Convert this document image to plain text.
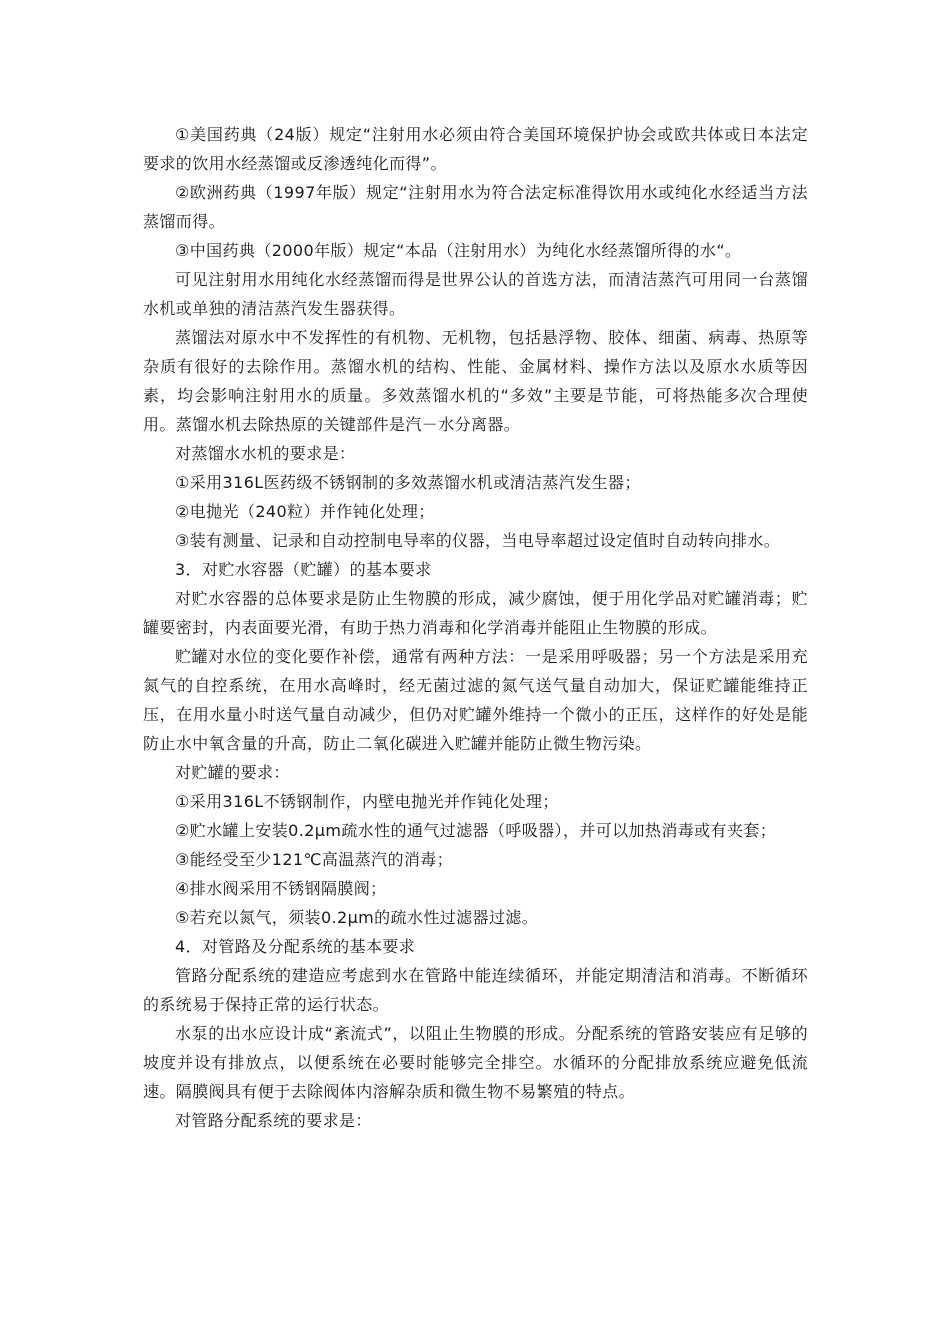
①美国药典（24版）规定“注射用水必须由符合美国环境保护协会或欧共体或日本法定要求的饮用水经蒸馏或反渗透纯化而得”。

②欧洲药典（1997年版）规定“注射用水为符合法定标准得饮用水或纯化水经适当方法蒸馏而得。

③中国药典（2000年版）规定“本品（注射用水）为纯化水经蒸馏所得的水“。

可见注射用水用纯化水经蒸馏而得是世界公认的首选方法，而清洁蒸汽可用同一台蒸馏水机或单独的清洁蒸汽发生器获得。

蒸馏法对原水中不发挥性的有机物、无机物，包括悬浮物、胶体、细菌、病毒、热原等杂质有很好的去除作用。蒸馏水机的结构、性能、金属材料、操作方法以及原水水质等因素，均会影响注射用水的质量。多效蒸馏水机的“多效”主要是节能，可将热能多次合理使用。蒸馏水机去除热原的关键部件是汽－水分离器。

对蒸馏水水机的要求是：

①采用316L医药级不锈钢制的多效蒸馏水机或清洁蒸汽发生器；

②电抛光（240粒）并作钝化处理；

③装有测量、记录和自动控制电导率的仪器，当电导率超过设定值时自动转向排水。

3．对贮水容器（贮罐）的基本要求

对贮水容器的总体要求是防止生物膜的形成，减少腐蚀，便于用化学品对贮罐消毒；贮罐要密封，内表面要光滑，有助于热力消毒和化学消毒并能阻止生物膜的形成。

贮罐对水位的变化要作补偿，通常有两种方法：一是采用呼吸器；另一个方法是采用充氮气的自控系统，在用水高峰时，经无菌过滤的氮气送气量自动加大，保证贮罐能维持正压，在用水量小时送气量自动减少，但仍对贮罐外维持一个微小的正压，这样作的好处是能防止水中氧含量的升高，防止二氧化碳进入贮罐并能防止微生物污染。

对贮罐的要求：

①采用316L不锈钢制作，内壁电抛光并作钝化处理；

②贮水罐上安装0.2μm疏水性的通气过滤器（呼吸器），并可以加热消毒或有夹套；

③能经受至少121℃高温蒸汽的消毒；

④排水阀采用不锈钢隔膜阀；

⑤若充以氮气，须装0.2μm的疏水性过滤器过滤。

4．对管路及分配系统的基本要求

管路分配系统的建造应考虑到水在管路中能连续循环，并能定期清洁和消毒。不断循环的系统易于保持正常的运行状态。

水泵的出水应设计成“紊流式”，以阻止生物膜的形成。分配系统的管路安装应有足够的坡度并设有排放点，以便系统在必要时能够完全排空。水循环的分配排放系统应避免低流速。隔膜阀具有便于去除阀体内溶解杂质和微生物不易繁殖的特点。

对管路分配系统的要求是：
